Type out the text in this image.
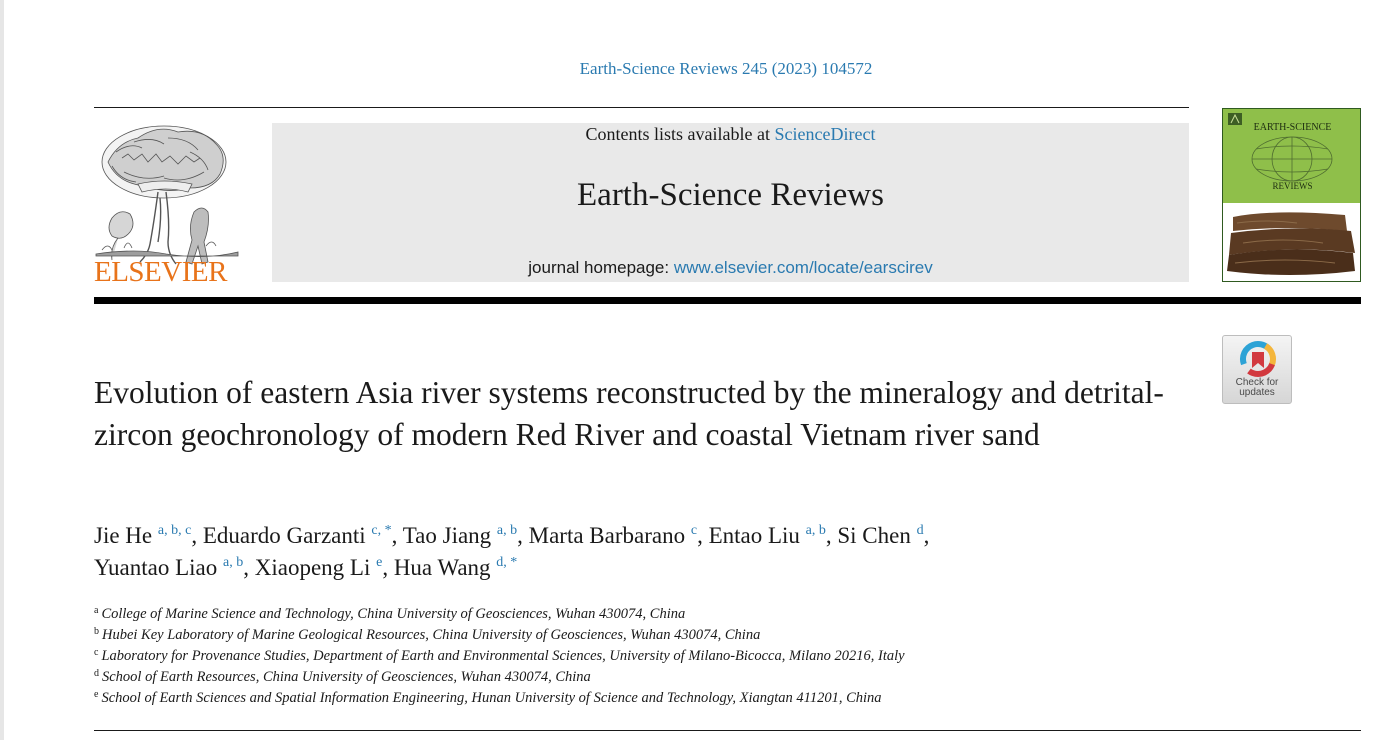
Earth-Science Reviews 245 (2023) 104572
ELSEVIER
Contents lists available at ScienceDirect
Earth-Science Reviews
journal homepage: www.elsevier.com/locate/earscirev
EARTH-SCIENCE
REVIEWS
Check for
updates
Evolution of eastern Asia river systems reconstructed by the mineralogy and detrital-zircon geochronology of modern Red River and coastal Vietnam river sand
Jie He $^{a, b, c}$, Eduardo Garzanti $^{c, *}$, Tao Jiang $^{a, b}$, Marta Barbarano $^c$, Entao Liu $^{a, b}$, Si Chen $^d$,
Yuantao Liao $^{a, b}$, Xiaopeng Li $^e$, Hua Wang $^{d, *}$
$^a$ College of Marine Science and Technology, China University of Geosciences, Wuhan 430074, China
$^b$ Hubei Key Laboratory of Marine Geological Resources, China University of Geosciences, Wuhan 430074, China
$^c$ Laboratory for Provenance Studies, Department of Earth and Environmental Sciences, University of Milano-Bicocca, Milano 20216, Italy
$^d$ School of Earth Resources, China University of Geosciences, Wuhan 430074, China
$^e$ School of Earth Sciences and Spatial Information Engineering, Hunan University of Science and Technology, Xiangtan 411201, China
